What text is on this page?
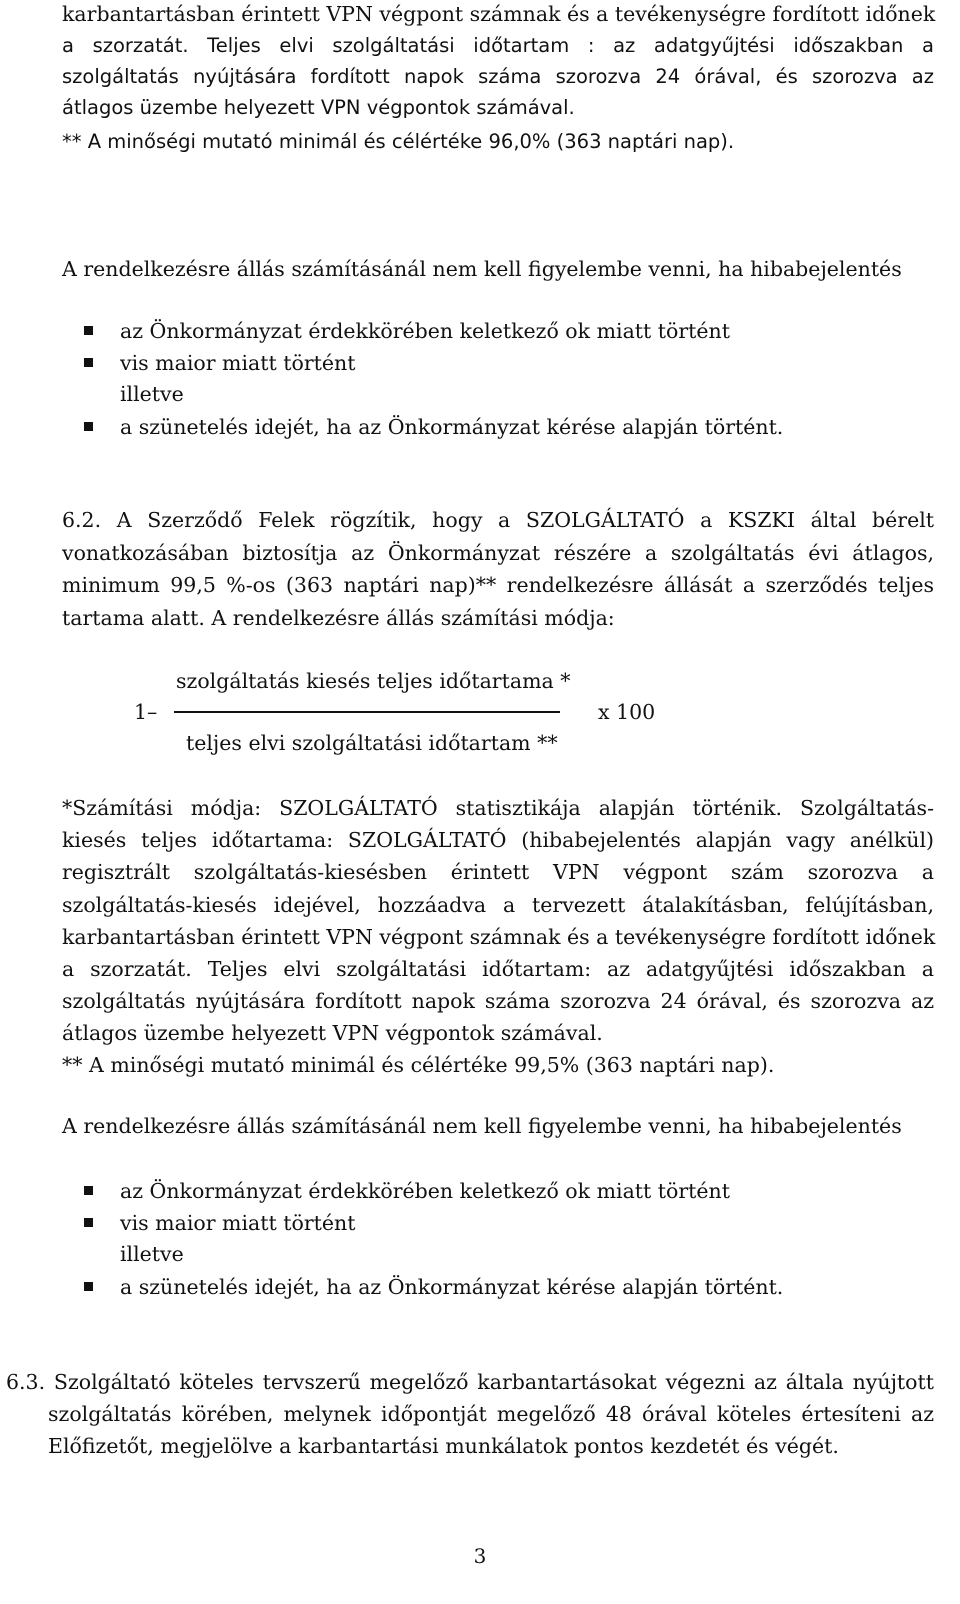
karbantartásban érintett VPN végpont számnak és a tevékenységre fordított időnek
a szorzatát. Teljes elvi szolgáltatási időtartam : az adatgyűjtési időszakban a
szolgáltatás nyújtására fordított napok száma szorozva 24 órával, és szorozva az
átlagos üzembe helyezett VPN végpontok számával.
** A minőségi mutató minimál és célértéke 96,0% (363 naptári nap).
A rendelkezésre állás számításánál nem kell figyelembe venni, ha hibabejelentés
az Önkormányzat érdekkörében keletkező ok miatt történt
vis maior miatt történt
illetve
a szünetelés idejét, ha az Önkormányzat kérése alapján történt.
6.2. A Szerződő Felek rögzítik, hogy a SZOLGÁLTATÓ a KSZKI által bérelt
vonatkozásában biztosítja az Önkormányzat részére a szolgáltatás évi átlagos,
minimum 99,5 %-os (363 naptári nap)** rendelkezésre állását a szerződés teljes
tartama alatt. A rendelkezésre állás számítási módja:
szolgáltatás kiesés teljes időtartama *
1–	x 100
teljes elvi szolgáltatási időtartam **
*Számítási módja: SZOLGÁLTATÓ statisztikája alapján történik. Szolgáltatás-
kiesés teljes időtartama: SZOLGÁLTATÓ (hibabejelentés alapján vagy anélkül)
regisztrált szolgáltatás-kiesésben érintett VPN végpont szám szorozva a
szolgáltatás-kiesés idejével, hozzáadva a tervezett átalakításban, felújításban,
karbantartásban érintett VPN végpont számnak és a tevékenységre fordított időnek
a szorzatát. Teljes elvi szolgáltatási időtartam: az adatgyűjtési időszakban a
szolgáltatás nyújtására fordított napok száma szorozva 24 órával, és szorozva az
átlagos üzembe helyezett VPN végpontok számával.
** A minőségi mutató minimál és célértéke 99,5% (363 naptári nap).
A rendelkezésre állás számításánál nem kell figyelembe venni, ha hibabejelentés
az Önkormányzat érdekkörében keletkező ok miatt történt
vis maior miatt történt
illetve
a szünetelés idejét, ha az Önkormányzat kérése alapján történt.
6.3. Szolgáltató köteles tervszerű megelőző karbantartásokat végezni az általa nyújtott
szolgáltatás körében, melynek időpontját megelőző 48 órával köteles értesíteni az
Előfizetőt, megjelölve a karbantartási munkálatok pontos kezdetét és végét.
3
